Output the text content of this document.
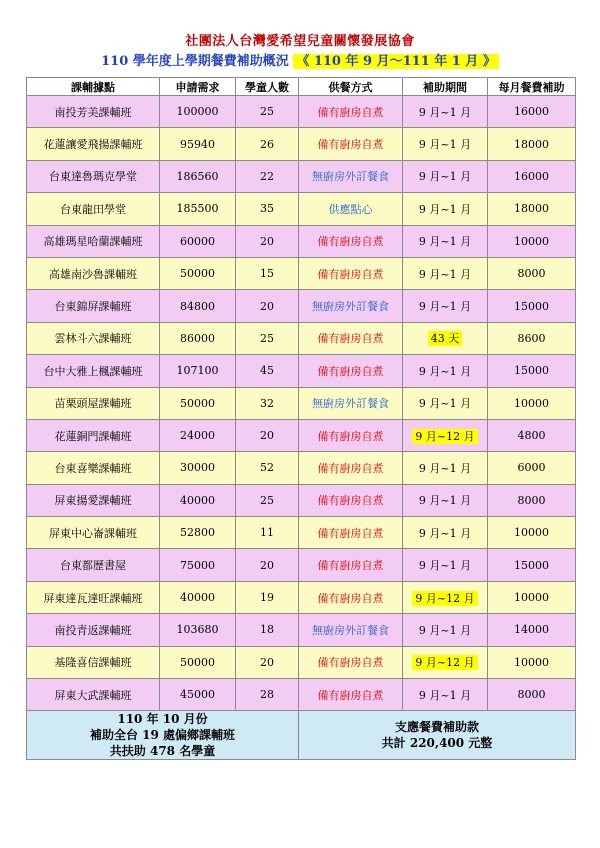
社團法人台灣愛希望兒童關懷發展協會
110 學年度上學期餐費補助概況 《 110 年 9 月～111 年 1 月 》
課輔據點	申請需求	學童人數	供餐方式	補助期間	每月餐費補助
南投芳美課輔班	100000	25	備有廚房自煮	9 月~1 月	16000
花蓮讓愛飛揚課輔班	95940	26	備有廚房自煮	9 月~1 月	18000
台東達魯瑪克學堂	186560	22	無廚房外訂餐食	9 月~1 月	16000
台東龍田學堂	185500	35	供應點心	9 月~1 月	18000
高雄瑪星哈蘭課輔班	60000	20	備有廚房自煮	9 月~1 月	10000
高雄南沙魯課輔班	50000	15	備有廚房自煮	9 月~1 月	8000
台東錦屏課輔班	84800	20	無廚房外訂餐食	9 月~1 月	15000
雲林斗六課輔班	86000	25	備有廚房自煮	43 天	8600
台中大雅上楓課輔班	107100	45	備有廚房自煮	9 月~1 月	15000
苗栗頭屋課輔班	50000	32	無廚房外訂餐食	9 月~1 月	10000
花蓮銅門課輔班	24000	20	備有廚房自煮	9 月~12 月	4800
台東喜樂課輔班	30000	52	備有廚房自煮	9 月~1 月	6000
屏東揚愛課輔班	40000	25	備有廚房自煮	9 月~1 月	8000
屏東中心崙課輔班	52800	11	備有廚房自煮	9 月~1 月	10000
台東都歷書屋	75000	20	備有廚房自煮	9 月~1 月	15000
屏東達瓦達旺課輔班	40000	19	備有廚房自煮	9 月~12 月	10000
南投青返課輔班	103680	18	無廚房外訂餐食	9 月~1 月	14000
基隆喜信課輔班	50000	20	備有廚房自煮	9 月~12 月	10000
屏東大武課輔班	45000	28	備有廚房自煮	9 月~1 月	8000

110 年 10 月份
補助全台 19 處偏鄉課輔班
共扶助 478 名學童			支應餐費補助款
共計 220,400 元整		
